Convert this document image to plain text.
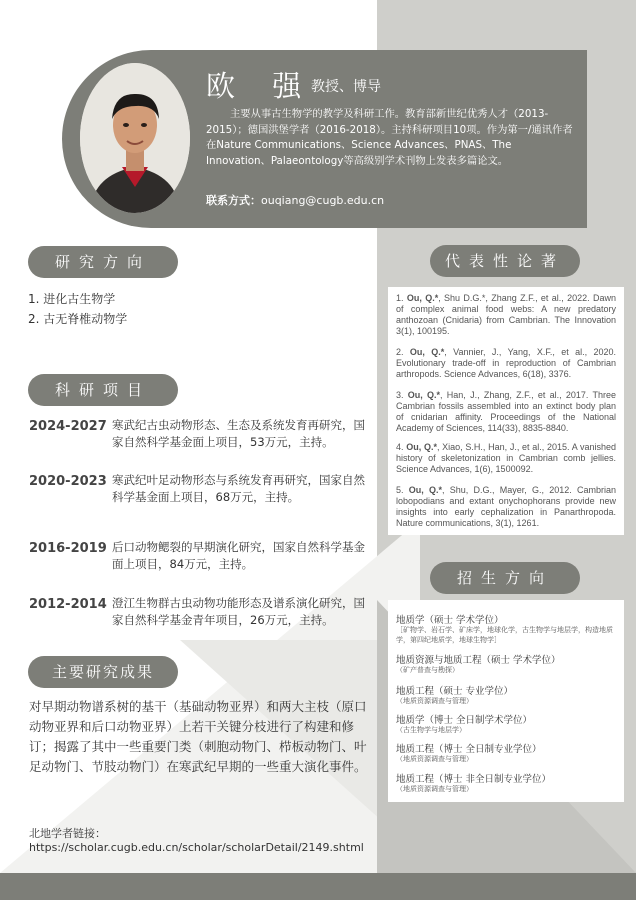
欧 强
教授、博导
主要从事古生物学的教学及科研工作。教育部新世纪优秀人才（2013-2015）；德国洪堡学者（2016-2018）。主持科研项目10项。作为第一/通讯作者在Nature Communications、Science Advances、PNAS、The Innovation、Palaeontology等高级别学术刊物上发表多篇论文。
联系方式：ouqiang@cugb.edu.cn
研究方向
1. 进化古生物学
2. 古无脊椎动物学
科研项目
2024-2027 寒武纪古虫动物形态、生态及系统发育再研究，国家自然科学基金面上项目，53万元，主持。
2020-2023 寒武纪叶足动物形态与系统发育再研究，国家自然科学基金面上项目，68万元，主持。
2016-2019 后口动物鳃裂的早期演化研究，国家自然科学基金面上项目，84万元，主持。
2012-2014 澄江生物群古虫动物功能形态及谱系演化研究，国家自然科学基金青年项目，26万元，主持。
主要研究成果
对早期动物谱系树的基干（基础动物亚界）和两大主枝（原口动物亚界和后口动物亚界）上若干关键分枝进行了构建和修订；揭露了其中一些重要门类（刺胞动物门、栉板动物门、叶足动物门、节肢动物门）在寒武纪早期的一些重大演化事件。
北地学者链接：
https://scholar.cugb.edu.cn/scholar/scholarDetail/2149.shtml
代表性论著
1. Ou, Q.*, Shu D.G.*, Zhang Z.F., et al., 2022. Dawn of complex animal food webs: A new predatory anthozoan (Cnidaria) from Cambrian. The Innovation 3(1), 100195.
2. Ou, Q.*, Vannier, J., Yang, X.F., et al., 2020. Evolutionary trade-off in reproduction of Cambrian arthropods. Science Advances, 6(18), 3376.
3. Ou, Q.*, Han, J., Zhang, Z.F., et al., 2017. Three Cambrian fossils assembled into an extinct body plan of cnidarian affinity. Proceedings of the National Academy of Sciences, 114(33), 8835-8840.
4. Ou, Q.*, Xiao, S.H., Han, J., et al., 2015. A vanished history of skeletonization in Cambrian comb jellies. Science Advances, 1(6), 1500092.
5. Ou, Q.*, Shu, D.G., Mayer, G., 2012. Cambrian lobopodians and extant onychophorans provide new insights into early cephalization in Panarthropoda. Nature communications, 3(1), 1261.
招生方向
地质学（硕士 学术学位）
［矿物学、岩石学、矿床学，地球化学，古生物学与地层学，构造地质学，第四纪地质学，地球生物学］
地质资源与地质工程（硕士 学术学位）
（矿产普查与勘探）
地质工程（硕士 专业学位）
（地质资源调查与管理）
地质学（博士 全日制学术学位）
（古生物学与地层学）
地质工程（博士 全日制专业学位）
（地质资源调查与管理）
地质工程（博士 非全日制专业学位）
（地质资源调查与管理）
